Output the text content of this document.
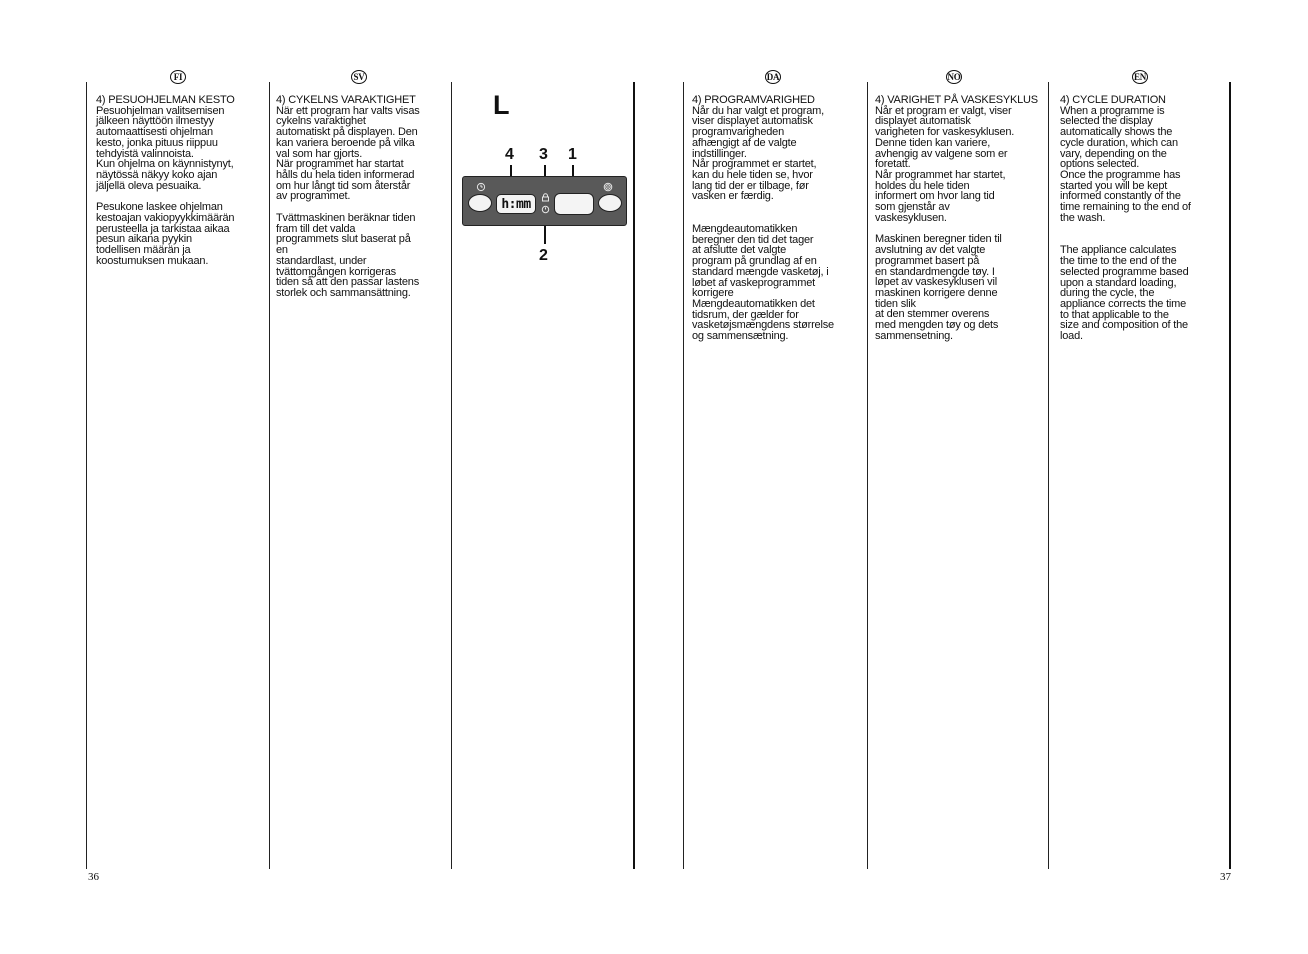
FI	SV	DA	NO	EN
4) PESUOHJELMAN KESTO
Pesuohjelman valitsemisen
jälkeen näyttöön ilmestyy
automaattisesti ohjelman
kesto, jonka pituus riippuu
tehdyistä valinnoista.
Kun ohjelma on käynnistynyt,
näytössä näkyy koko ajan
jäljellä oleva pesuaika.
Pesukone laskee ohjelman
kestoajan vakiopyykkimäärän
perusteella ja tarkistaa aikaa
pesun aikana pyykin
todellisen määrän ja
koostumuksen mukaan.
4) CYKELNS VARAKTIGHET
När ett program har valts visas
cykelns varaktighet
automatiskt på displayen. Den
kan variera beroende på vilka
val som har gjorts.
När programmet har startat
hålls du hela tiden informerad
om hur långt tid som återstår
av programmet.
Tvättmaskinen beräknar tiden
fram till det valda
programmets slut baserat på
en
standardlast, under
tvättomgången korrigeras
tiden så att den passar lastens
storlek och sammansättning.
L
4 3 1
2
h:mm
4) PROGRAMVARIGHED
Når du har valgt et program,
viser displayet automatisk
programvarigheden
afhængigt af de valgte
indstillinger.
Når programmet er startet,
kan du hele tiden se, hvor
lang tid der er tilbage, før
vasken er færdig.
Mængdeautomatikken
beregner den tid det tager
at afslutte det valgte
program på grundlag af en
standard mængde vasketøj, i
løbet af vaskeprogrammet
korrigere
Mængdeautomatikken det
tidsrum, der gælder for
vasketøjsmængdens størrelse
og sammensætning.
4) VARIGHET PÅ VASKESYKLUS
Når et program er valgt, viser
displayet automatisk
varigheten for vaskesyklusen.
Denne tiden kan variere,
avhengig av valgene som er
foretatt.
Når programmet har startet,
holdes du hele tiden
informert om hvor lang tid
som gjenstår av
vaskesyklusen.
Maskinen beregner tiden til
avslutning av det valgte
programmet basert på
en standardmengde tøy. I
løpet av vaskesyklusen vil
maskinen korrigere denne
tiden slik
at den stemmer overens
med mengden tøy og dets
sammensetning.
4) CYCLE DURATION
When a programme is
selected the display
automatically shows the
cycle duration, which can
vary, depending on the
options selected.
Once the programme has
started you will be kept
informed constantly of the
time remaining to the end of
the wash.
The appliance calculates
the time to the end of the
selected programme based
upon a standard loading,
during the cycle, the
appliance corrects the time
to that applicable to the
size and composition of the
load.
36	37
